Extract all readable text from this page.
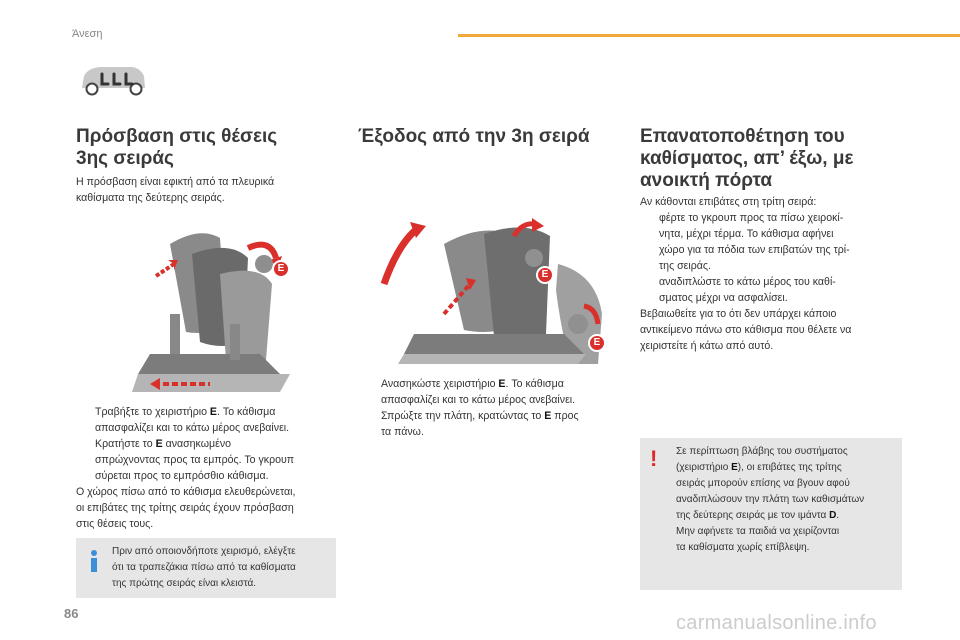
Άνεση
Πρόσβαση στις θέσεις
3ης σειράς
Η πρόσβαση είναι εφικτή από τα πλευρικά
καθίσματα της δεύτερης σειράς.
E
Τραβήξτε το χειριστήριο E. Το κάθισμα
απασφαλίζει και το κάτω μέρος ανεβαίνει.
Κρατήστε το E ανασηκωμένο
σπρώχνοντας προς τα εμπρός. Το γκρουπ
σύρεται προς το εμπρόσθιο κάθισμα.
Ο χώρος πίσω από το κάθισμα ελευθερώνεται,
οι επιβάτες της τρίτης σειράς έχουν πρόσβαση
στις θέσεις τους.
Πριν από οποιονδήποτε χειρισμό, ελέγξτε
ότι τα τραπεζάκια πίσω από τα καθίσματα
της πρώτης σειράς είναι κλειστά.
Έξοδος από την 3η σειρά
E
E
Ανασηκώστε χειριστήριο E. Το κάθισμα
απασφαλίζει και το κάτω μέρος ανεβαίνει.
Σπρώξτε την πλάτη, κρατώντας το E προς
τα πάνω.
Επανατοποθέτηση του
καθίσματος, απ’ έξω, με
ανοικτή πόρτα
Αν κάθονται επιβάτες στη τρίτη σειρά:
φέρτε το γκρουπ προς τα πίσω χειροκί-
νητα, μέχρι τέρμα. Το κάθισμα αφήνει
χώρο για τα πόδια των επιβατών της τρί-
της σειράς.
αναδιπλώστε το κάτω μέρος του καθί-
σματος μέχρι να ασφαλίσει.
Βεβαιωθείτε για το ότι δεν υπάρχει κάποιο
αντικείμενο πάνω στο κάθισμα που θέλετε να
χειριστείτε ή κάτω από αυτό.
! Σε περίπτωση βλάβης του συστήματος
(χειριστήριο E), οι επιβάτες της τρίτης
σειράς μπορούν επίσης να βγουν αφού
αναδιπλώσουν την πλάτη των καθισμάτων
της δεύτερης σειράς με τον ιμάντα D.
Μην αφήνετε τα παιδιά να χειρίζονται
τα καθίσματα χωρίς επίβλεψη.
86	carmanualsonline.info
